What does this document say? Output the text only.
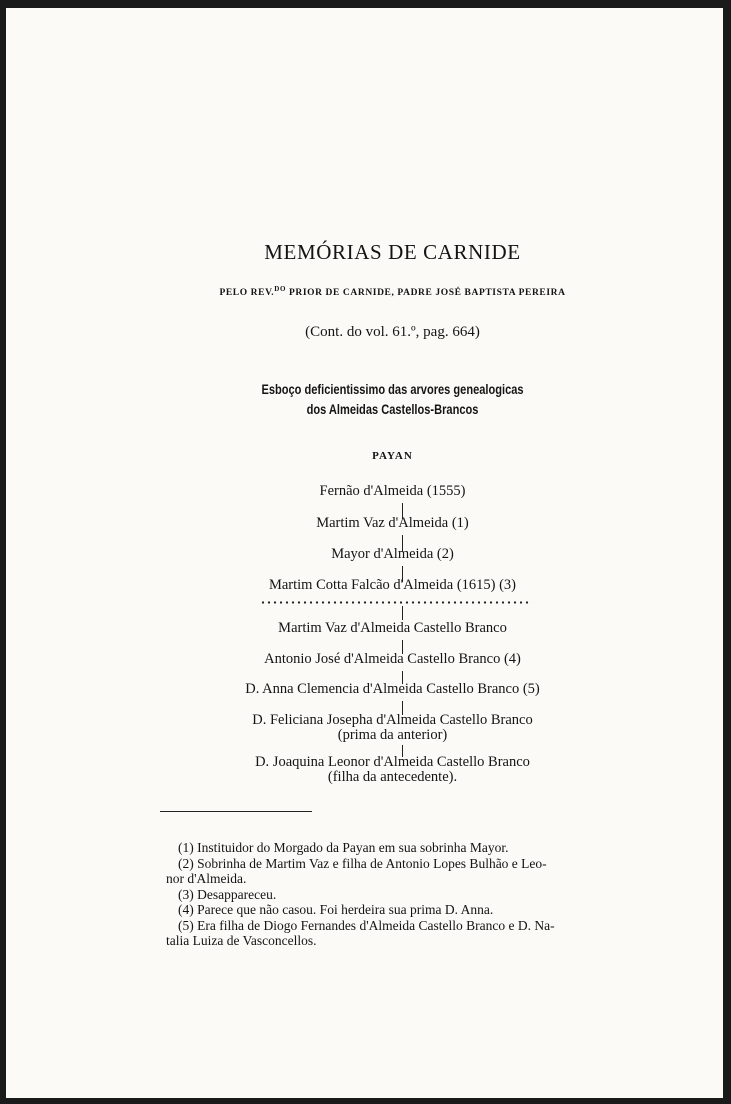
MEMÓRIAS DE CARNIDE
PELO REV.$^{DO}$ PRIOR DE CARNIDE, PADRE JOSÉ BAPTISTA PEREIRA
(Cont. do vol. 61.º, pag. 664)
Esboço deficientissimo das arvores genealogicas
dos Almeidas Castellos-Brancos
PAYAN
Fernão d'Almeida (1555)
Martim Vaz d'Almeida (1)
Mayor d'Almeida (2)
Martim Cotta Falcão d'Almeida (1615) (3)
Martim Vaz d'Almeida Castello Branco
Antonio José d'Almeida Castello Branco (4)
D. Anna Clemencia d'Almeida Castello Branco (5)
D. Feliciana Josepha d'Almeida Castello Branco
(prima da anterior)
D. Joaquina Leonor d'Almeida Castello Branco
(filha da antecedente).

(1) Instituidor do Morgado da Payan em sua sobrinha Mayor.

(2) Sobrinha de Martim Vaz e filha de Antonio Lopes Bulhão e Leo-

nor d'Almeida.

(3) Desappareceu.

(4) Parece que não casou. Foi herdeira sua prima D. Anna.

(5) Era filha de Diogo Fernandes d'Almeida Castello Branco e D. Na-

talia Luiza de Vasconcellos.
